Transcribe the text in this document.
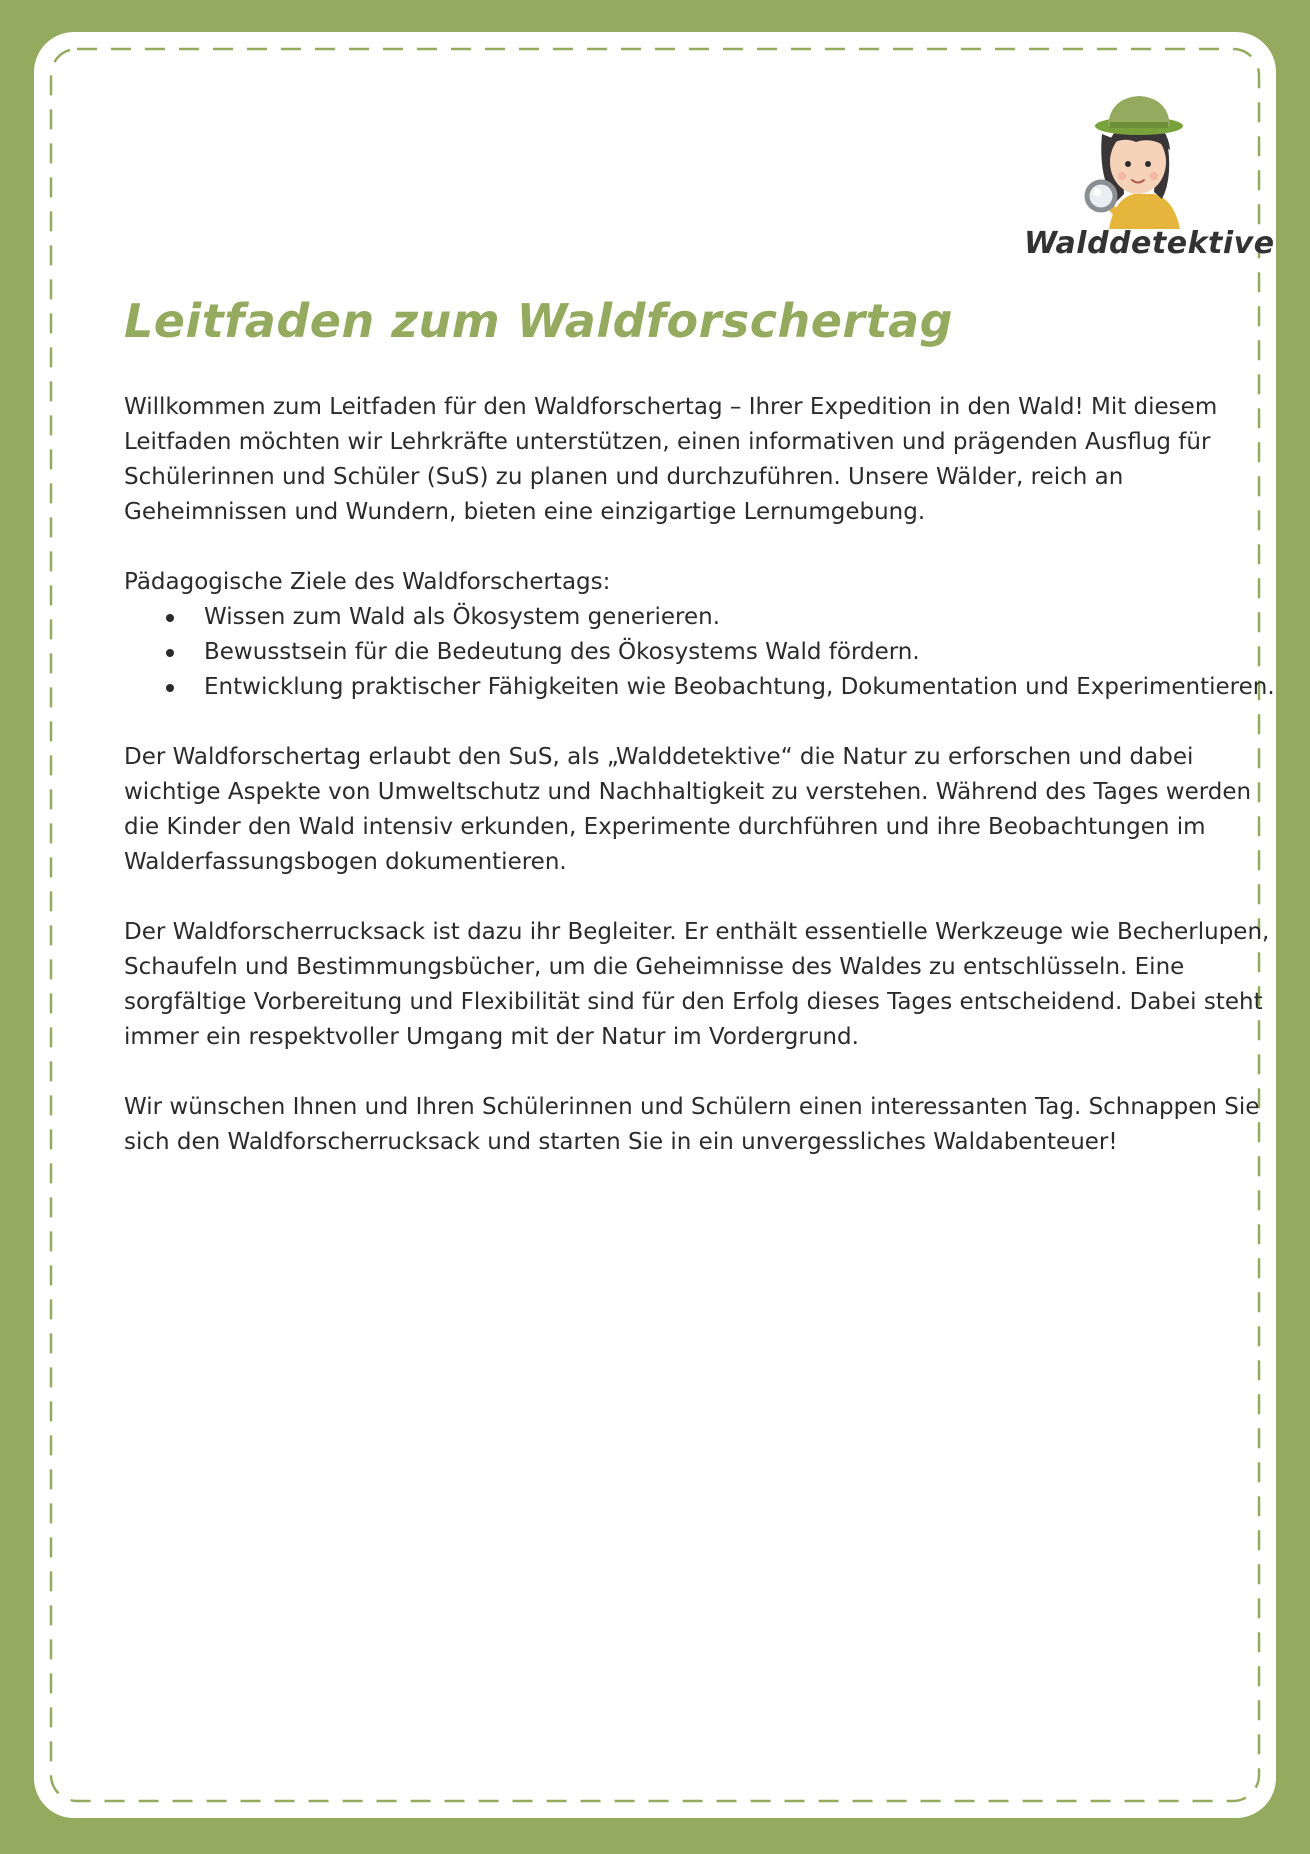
Walddetektive
Leitfaden zum Waldforschertag

Willkommen zum Leitfaden für den Waldforschertag – Ihrer Expedition in den Wald! Mit diesem Leitfaden möchten wir Lehrkräfte unterstützen, einen informativen und prägenden Ausflug für Schülerinnen und Schüler (SuS) zu planen und durchzuführen. Unsere Wälder, reich an Geheimnissen und Wundern, bieten eine einzigartige Lernumgebung.

Pädagogische Ziele des Waldforschertags:

Wissen zum Wald als Ökosystem generieren.
Bewusstsein für die Bedeutung des Ökosystems Wald fördern.
Entwicklung praktischer Fähigkeiten wie Beobachtung, Dokumentation und Experimentieren.

Der Waldforschertag erlaubt den SuS, als „Walddetektive“ die Natur zu erforschen und dabei wichtige Aspekte von Umweltschutz und Nachhaltigkeit zu verstehen. Während des Tages werden die Kinder den Wald intensiv erkunden, Experimente durchführen und ihre Beobachtungen im Walderfassungsbogen dokumentieren.

Der Waldforscherrucksack ist dazu ihr Begleiter. Er enthält essentielle Werkzeuge wie Becherlupen, Schaufeln und Bestimmungsbücher, um die Geheimnisse des Waldes zu entschlüsseln. Eine sorgfältige Vorbereitung und Flexibilität sind für den Erfolg dieses Tages entscheidend. Dabei steht immer ein respektvoller Umgang mit der Natur im Vordergrund.

Wir wünschen Ihnen und Ihren Schülerinnen und Schülern einen interessanten Tag. Schnappen Sie sich den Waldforscherrucksack und starten Sie in ein unvergessliches Waldabenteuer!
